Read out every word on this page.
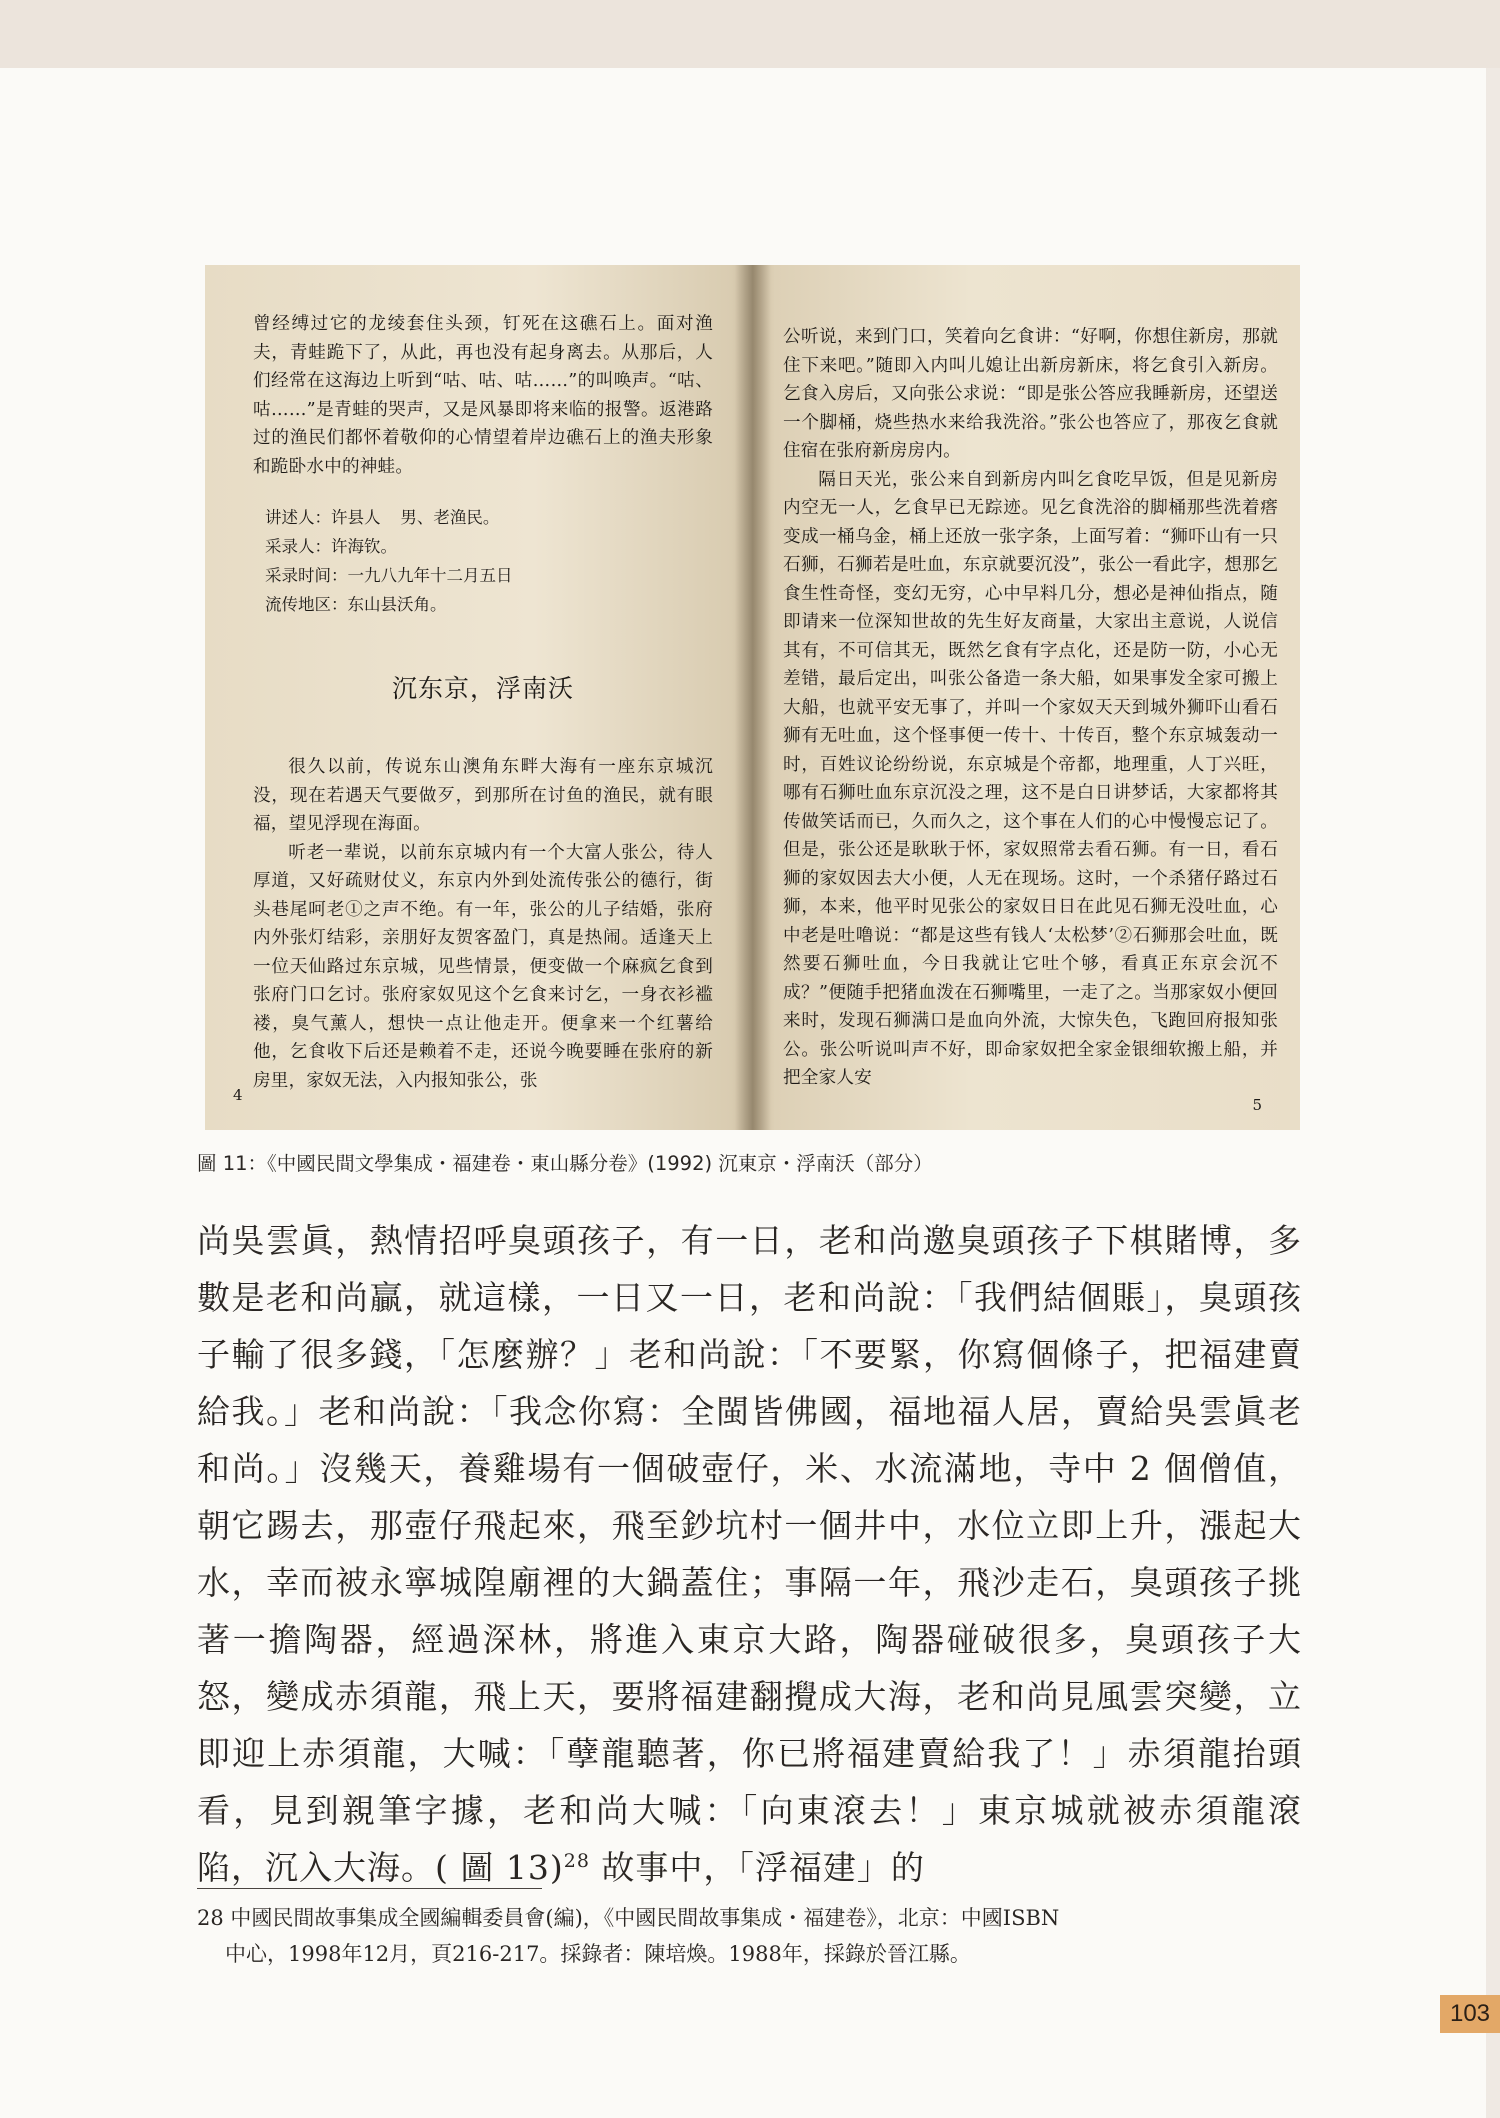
曾经缚过它的龙绫套住头颈，钉死在这礁石上。面对渔夫，青蛙跪下了，从此，再也没有起身离去。从那后，人们经常在这海边上听到“咕、咕、咕……”的叫唤声。“咕、咕……”是青蛙的哭声，又是风暴即将来临的报警。返港路过的渔民们都怀着敬仰的心情望着岸边礁石上的渔夫形象和跪卧水中的神蛙。

讲述人：许县人  男、老渔民。
采录人：许海钦。
采录时间：一九八九年十二月五日
流传地区：东山县沃角。
沉东京，浮南沃

很久以前，传说东山澳角东畔大海有一座东京城沉没，现在若遇天气要做歹，到那所在讨鱼的渔民，就有眼福，望见浮现在海面。

听老一辈说，以前东京城内有一个大富人张公，待人厚道，又好疏财仗义，东京内外到处流传张公的德行，街头巷尾呵老①之声不绝。有一年，张公的儿子结婚，张府内外张灯结彩，亲朋好友贺客盈门，真是热闹。适逢天上一位天仙路过东京城，见些情景，便变做一个麻疯乞食到张府门口乞讨。张府家奴见这个乞食来讨乞，一身衣衫褴褛，臭气薰人，想快一点让他走开。便拿来一个红薯给他，乞食收下后还是赖着不走，还说今晚要睡在张府的新房里，家奴无法，入内报知张公，张

4

公听说，来到门口，笑着向乞食讲：“好啊，你想住新房，那就住下来吧。”随即入内叫儿媳让出新房新床，将乞食引入新房。乞食入房后，又向张公求说：“即是张公答应我睡新房，还望送一个脚桶，烧些热水来给我洗浴。”张公也答应了，那夜乞食就住宿在张府新房房内。

隔日天光，张公来自到新房内叫乞食吃早饭，但是见新房内空无一人，乞食早已无踪迹。见乞食洗浴的脚桶那些洗着瘩变成一桶乌金，桶上还放一张字条，上面写着：“狮吓山有一只石狮，石狮若是吐血，东京就要沉没”，张公一看此字，想那乞食生性奇怪，变幻无穷，心中早料几分，想必是神仙指点，随即请来一位深知世故的先生好友商量，大家出主意说，人说信其有，不可信其无，既然乞食有字点化，还是防一防，小心无差错，最后定出，叫张公备造一条大船，如果事发全家可搬上大船，也就平安无事了，并叫一个家奴天天到城外狮吓山看石狮有无吐血，这个怪事便一传十、十传百，整个东京城轰动一时，百姓议论纷纷说，东京城是个帝都，地理重，人丁兴旺，哪有石狮吐血东京沉没之理，这不是白日讲梦话，大家都将其传做笑话而已，久而久之，这个事在人们的心中慢慢忘记了。但是，张公还是耿耿于怀，家奴照常去看石狮。有一日，看石狮的家奴因去大小便，人无在现场。这时，一个杀猪仔路过石狮，本来，他平时见张公的家奴日日在此见石狮无没吐血，心中老是吐噜说：“都是这些有钱人‘太松梦’②石狮那会吐血，既然要石狮吐血，今日我就让它吐个够，看真正东京会沉不成？”便随手把猪血泼在石狮嘴里，一走了之。当那家奴小便回来时，发现石狮满口是血向外流，大惊失色，飞跑回府报知张公。张公听说叫声不好，即命家奴把全家金银细软搬上船，并把全家人安

5
圖 11：《中國民間文學集成・福建卷・東山縣分卷》(1992) 沉東京・浮南沃（部分）
尚吳雲眞，熱情招呼臭頭孩子，有一日，老和尚邀臭頭孩子下棋賭博，多數是老和尚贏，就這樣，一日又一日，老和尚說：「我們結個賬」，臭頭孩子輸了很多錢，「怎麼辦？」老和尚說：「不要緊，你寫個條子，把福建賣給我。」老和尚說：「我念你寫：全閩皆佛國，福地福人居，賣給吳雲眞老和尚。」沒幾天，養雞場有一個破壺仔，米、水流滿地，寺中 2 個僧值，朝它踢去，那壺仔飛起來，飛至鈔坑村一個井中，水位立即上升，漲起大水，幸而被永寧城隍廟裡的大鍋蓋住；事隔一年，飛沙走石，臭頭孩子挑著一擔陶器，經過深林，將進入東京大路，陶器碰破很多，臭頭孩子大怒，變成赤須龍，飛上天，要將福建翻攪成大海，老和尚見風雲突變，立即迎上赤須龍，大喊：「孽龍聽著，你已將福建賣給我了！」赤須龍抬頭看，見到親筆字據，老和尚大喊：「向東滾去！」東京城就被赤須龍滾陷，沉入大海。( 圖 13)$^{28}$ 故事中，「浮福建」的
28 中國民間故事集成全國編輯委員會(編)，《中國民間故事集成・福建卷》，北京：中國ISBN
中心，1998年12月，頁216-217。採錄者：陳培煥。1988年，採錄於晉江縣。
103
